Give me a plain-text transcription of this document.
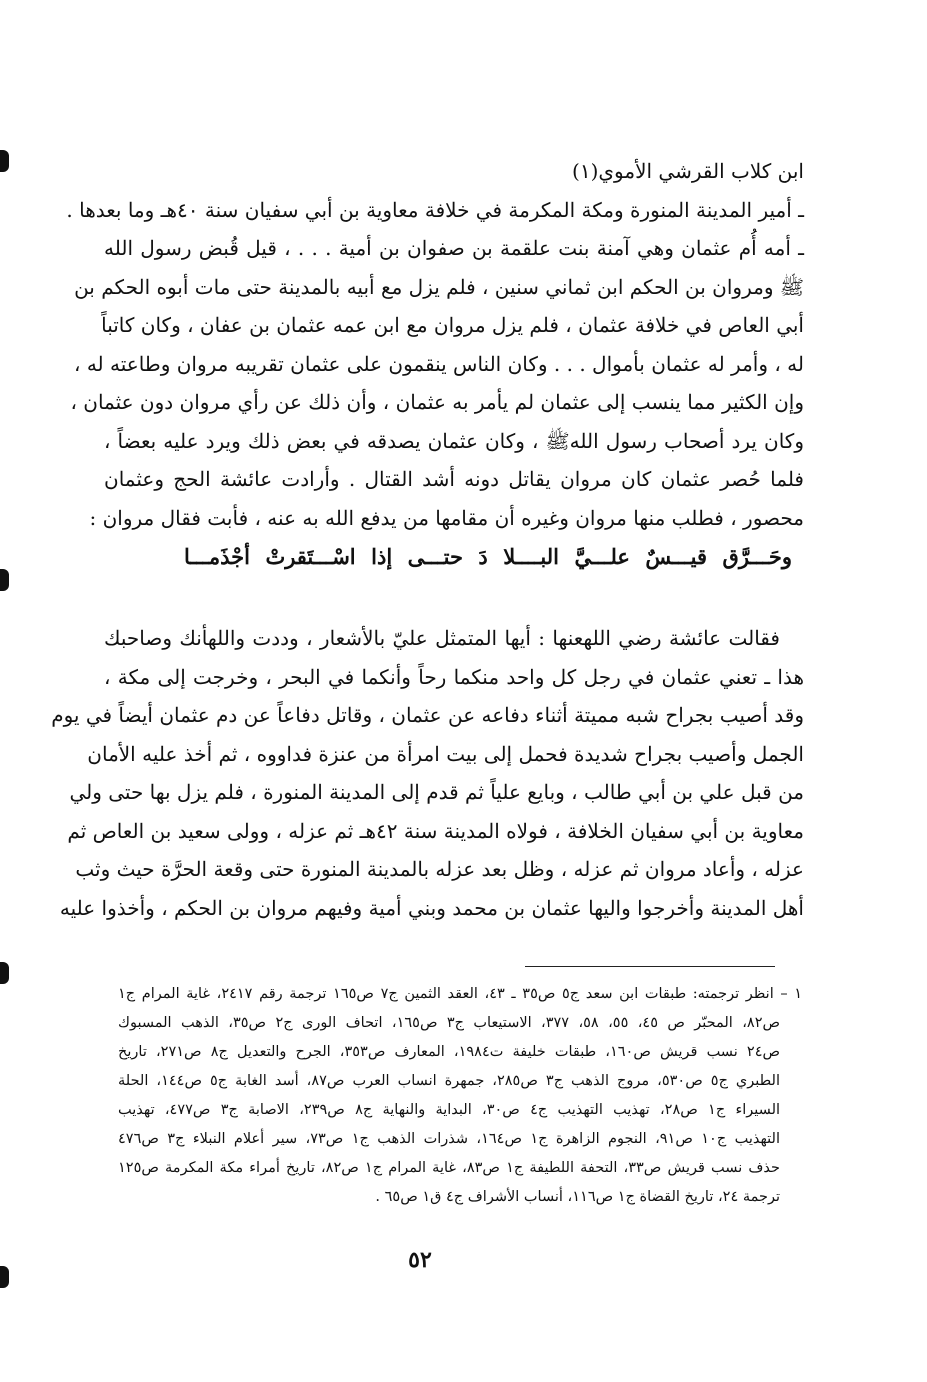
ابن كلاب القرشي الأموي(١)
ـ أمير المدينة المنورة ومكة المكرمة في خلافة معاوية بن أبي سفيان سنة ٤٠هـ وما بعدها .
ـ أمه أُم عثمان وهي آمنة بنت علقمة بن صفوان بن أمية . . . ، قيل قُبض رسول الله
ﷺ ومروان بن الحكم ابن ثماني سنين ، فلم يزل مع أبيه بالمدينة حتى مات أبوه الحكم بن
أبي العاص في خلافة عثمان ، فلم يزل مروان مع ابن عمه عثمان بن عفان ، وكان كاتباً
له ، وأمر له عثمان بأموال . . . وكان الناس ينقمون على عثمان تقريبه مروان وطاعته له ،
وإن الكثير مما ينسب إلى عثمان لم يأمر به عثمان ، وأن ذلك عن رأي مروان دون عثمان ،
وكان يرد أصحاب رسول اللهﷺ ، وكان عثمان يصدقه في بعض ذلك ويرد عليه بعضاً ،
فلما حُصر عثمان كان مروان يقاتل دونه أشد القتال . وأرادت عائشة الحج وعثمان
محصور ، فطلب منها مروان وغيره أن مقامها من يدفع الله به عنه ، فأبت فقال مروان :
وحَـــرَّق قيـــسٌ علـــيَّ البــــلا دَ حتـــى إذا اسْـــتَقرتْ أجْذَمـــا
فقالت عائشة رضي اللهعنها : أيها المتمثل عليّ بالأشعار ، وددت واللهأنك وصاحبك
هذا ـ تعني عثمان في رجل كل واحد منكما رحاً وأنكما في البحر ، وخرجت إلى مكة ،
وقد أصيب بجراح شبه مميتة أثناء دفاعه عن عثمان ، وقاتل دفاعاً عن دم عثمان أيضاً في يوم
الجمل وأصيب بجراح شديدة فحمل إلى بيت امرأة من عنزة فداووه ، ثم أخذ عليه الأمان
من قبل علي بن أبي طالب ، وبايع علياً ثم قدم إلى المدينة المنورة ، فلم يزل بها حتى ولي
معاوية بن أبي سفيان الخلافة ، فولاه المدينة سنة ٤٢هـ ثم عزله ، وولى سعيد بن العاص ثم
عزله ، وأعاد مروان ثم عزله ، وظل بعد عزله بالمدينة المنورة حتى وقعة الحرَّة حيث وثب
أهل المدينة وأخرجوا واليها عثمان بن محمد وبني أمية وفيهم مروان بن الحكم ، وأخذوا عليه
١ – انظر ترجمته: طبقات ابن سعد ج٥ ص٣٥ ـ ٤٣، العقد الثمين ج٧ ص١٦٥ ترجمة رقم ٢٤١٧، غاية المرام ج١
ص٨٢، المحبّر ص ٤٥، ٥٥، ٥٨، ٣٧٧، الاستيعاب ج٣ ص١٦٥، اتحاف الورى ج٢ ص٣٥، الذهب المسبوك
ص٢٤ نسب قريش ص١٦٠، طبقات خليفة ت١٩٨٤، المعارف ص٣٥٣، الجرح والتعديل ج٨ ص٢٧١، تاريخ
الطبري ج٥ ص٥٣٠، مروج الذهب ج٣ ص٢٨٥، جمهرة انساب العرب ص٨٧، أسد الغابة ج٥ ص١٤٤، الحلة
السيراء ج١ ص٢٨، تهذيب التهذيب ج٤ ص٣٠، البداية والنهاية ج٨ ص٢٣٩، الاصابة ج٣ ص٤٧٧، تهذيب
التهذيب ج١٠ ص٩١، النجوم الزاهرة ج١ ص١٦٤، شذرات الذهب ج١ ص٧٣، سير أعلام النبلاء ج٣ ص٤٧٦
حذف نسب قريش ص٣٣، التحفة اللطيفة ج١ ص٨٣، غاية المرام ج١ ص٨٢، تاريخ أمراء مكة المكرمة ص١٢٥
ترجمة ٢٤، تاريخ القضاة ج١ ص١١٦، أنساب الأشراف ج٤ ق١ ص٦٥ .
٥٢
